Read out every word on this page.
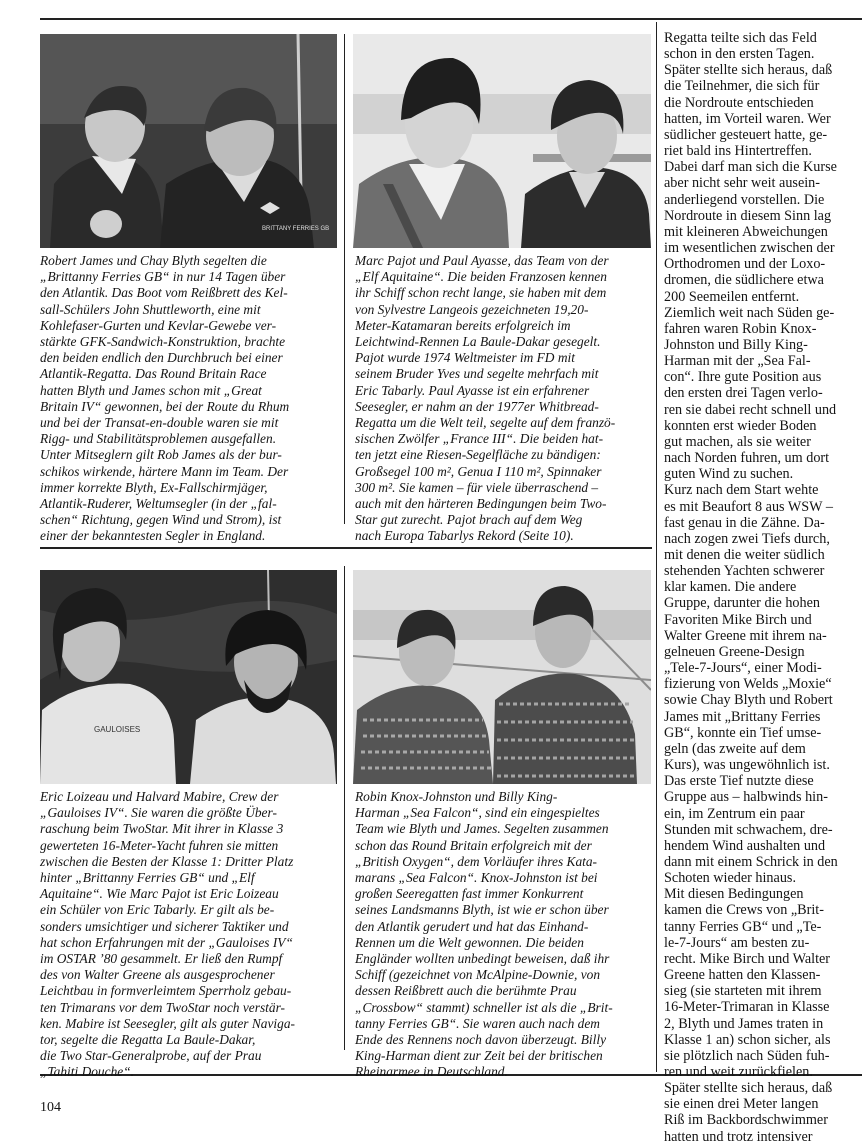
BRITTANY FERRIES GB
GAULOISES
Robert James und Chay Blyth segelten die
„Brittanny Ferries GB“ in nur 14 Tagen über
den Atlantik. Das Boot vom Reißbrett des Kel-
sall-Schülers John Shuttleworth, eine mit
Kohlefaser-Gurten und Kevlar-Gewebe ver-
stärkte GFK-Sandwich-Konstruktion, brachte
den beiden endlich den Durchbruch bei einer
Atlantik-Regatta. Das Round Britain Race
hatten Blyth und James schon mit „Great
Britain IV“ gewonnen, bei der Route du Rhum
und bei der Transat-en-double waren sie mit
Rigg- und Stabilitätsproblemen ausgefallen.
Unter Mitseglern gilt Rob James als der bur-
schikos wirkende, härtere Mann im Team. Der
immer korrekte Blyth, Ex-Fallschirmjäger,
Atlantik-Ruderer, Weltumsegler (in der „fal-
schen“ Richtung, gegen Wind und Strom), ist
einer der bekanntesten Segler in England.
Marc Pajot und Paul Ayasse, das Team von der
„Elf Aquitaine“. Die beiden Franzosen kennen
ihr Schiff schon recht lange, sie haben mit dem
von Sylvestre Langeois gezeichneten 19,20-
Meter-Katamaran bereits erfolgreich im
Leichtwind-Rennen La Baule-Dakar gesegelt.
Pajot wurde 1974 Weltmeister im FD mit
seinem Bruder Yves und segelte mehrfach mit
Eric Tabarly. Paul Ayasse ist ein erfahrener
Seesegler, er nahm an der 1977er Whitbread-
Regatta um die Welt teil, segelte auf dem franzö-
sischen Zwölfer „France III“. Die beiden hat-
ten jetzt eine Riesen-Segelfläche zu bändigen:
Großsegel 100 m², Genua I 110 m², Spinnaker
300 m². Sie kamen – für viele überraschend –
auch mit den härteren Bedingungen beim Two-
Star gut zurecht. Pajot brach auf dem Weg
nach Europa Tabarlys Rekord (Seite 10).
Eric Loizeau und Halvard Mabire, Crew der
„Gauloises IV“. Sie waren die größte Über-
raschung beim TwoStar. Mit ihrer in Klasse 3
gewerteten 16-Meter-Yacht fuhren sie mitten
zwischen die Besten der Klasse 1: Dritter Platz
hinter „Brittanny Ferries GB“ und „Elf
Aquitaine“. Wie Marc Pajot ist Eric Loizeau
ein Schüler von Eric Tabarly. Er gilt als be-
sonders umsichtiger und sicherer Taktiker und
hat schon Erfahrungen mit der „Gauloises IV“
im OSTAR ’80 gesammelt. Er ließ den Rumpf
des von Walter Greene als ausgesprochener
Leichtbau in formverleimtem Sperrholz gebau-
ten Trimarans vor dem TwoStar noch verstär-
ken. Mabire ist Seesegler, gilt als guter Naviga-
tor, segelte die Regatta La Baule-Dakar,
die Two Star-Generalprobe, auf der Prau
„Tahiti Douche“.
Robin Knox-Johnston und Billy King-
Harman „Sea Falcon“, sind ein eingespieltes
Team wie Blyth und James. Segelten zusammen
schon das Round Britain erfolgreich mit der
„British Oxygen“, dem Vorläufer ihres Kata-
marans „Sea Falcon“. Knox-Johnston ist bei
großen Seeregatten fast immer Konkurrent
seines Landsmanns Blyth, ist wie er schon über
den Atlantik gerudert und hat das Einhand-
Rennen um die Welt gewonnen. Die beiden
Engländer wollten unbedingt beweisen, daß ihr
Schiff (gezeichnet von McAlpine-Downie, von
dessen Reißbrett auch die berühmte Prau
„Crossbow“ stammt) schneller ist als die „Brit-
tanny Ferries GB“. Sie waren auch nach dem
Ende des Rennens noch davon überzeugt. Billy
King-Harman dient zur Zeit bei der britischen
Rheinarmee in Deutschland.
Regatta teilte sich das Feld
schon in den ersten Tagen.
Später stellte sich heraus, daß
die Teilnehmer, die sich für
die Nordroute entschieden
hatten, im Vorteil waren. Wer
südlicher gesteuert hatte, ge-
riet bald ins Hintertreffen.
Dabei darf man sich die Kurse
aber nicht sehr weit ausein-
anderliegend vorstellen. Die
Nordroute in diesem Sinn lag
mit kleineren Abweichungen
im wesentlichen zwischen der
Orthodromen und der Loxo-
dromen, die südlichere etwa
200 Seemeilen entfernt.
Ziemlich weit nach Süden ge-
fahren waren Robin Knox-
Johnston und Billy King-
Harman mit der „Sea Fal-
con“. Ihre gute Position aus
den ersten drei Tagen verlo-
ren sie dabei recht schnell und
konnten erst wieder Boden
gut machen, als sie weiter
nach Norden fuhren, um dort
guten Wind zu suchen.
Kurz nach dem Start wehte
es mit Beaufort 8 aus WSW –
fast genau in die Zähne. Da-
nach zogen zwei Tiefs durch,
mit denen die weiter südlich
stehenden Yachten schwerer
klar kamen. Die andere
Gruppe, darunter die hohen
Favoriten Mike Birch und
Walter Greene mit ihrem na-
gelneuen Greene-Design
„Tele-7-Jours“, einer Modi-
fizierung von Welds „Moxie“
sowie Chay Blyth und Robert
James mit „Brittany Ferries
GB“, konnte ein Tief umse-
geln (das zweite auf dem
Kurs), was ungewöhnlich ist.
Das erste Tief nutzte diese
Gruppe aus – halbwinds hin-
ein, im Zentrum ein paar
Stunden mit schwachem, dre-
hendem Wind aushalten und
dann mit einem Schrick in den
Schoten wieder hinaus.
Mit diesen Bedingungen
kamen die Crews von „Brit-
tanny Ferries GB“ und „Te-
le-7-Jours“ am besten zu-
recht. Mike Birch und Walter
Greene hatten den Klassen-
sieg (sie starteten mit ihrem
16-Meter-Trimaran in Klasse
2, Blyth und James traten in
Klasse 1 an) schon sicher, als
sie plötzlich nach Süden fuh-
ren und weit zurückfielen.
Später stellte sich heraus, daß
sie einen drei Meter langen
Riß im Backbordschwimmer
hatten und trotz intensiver
104
